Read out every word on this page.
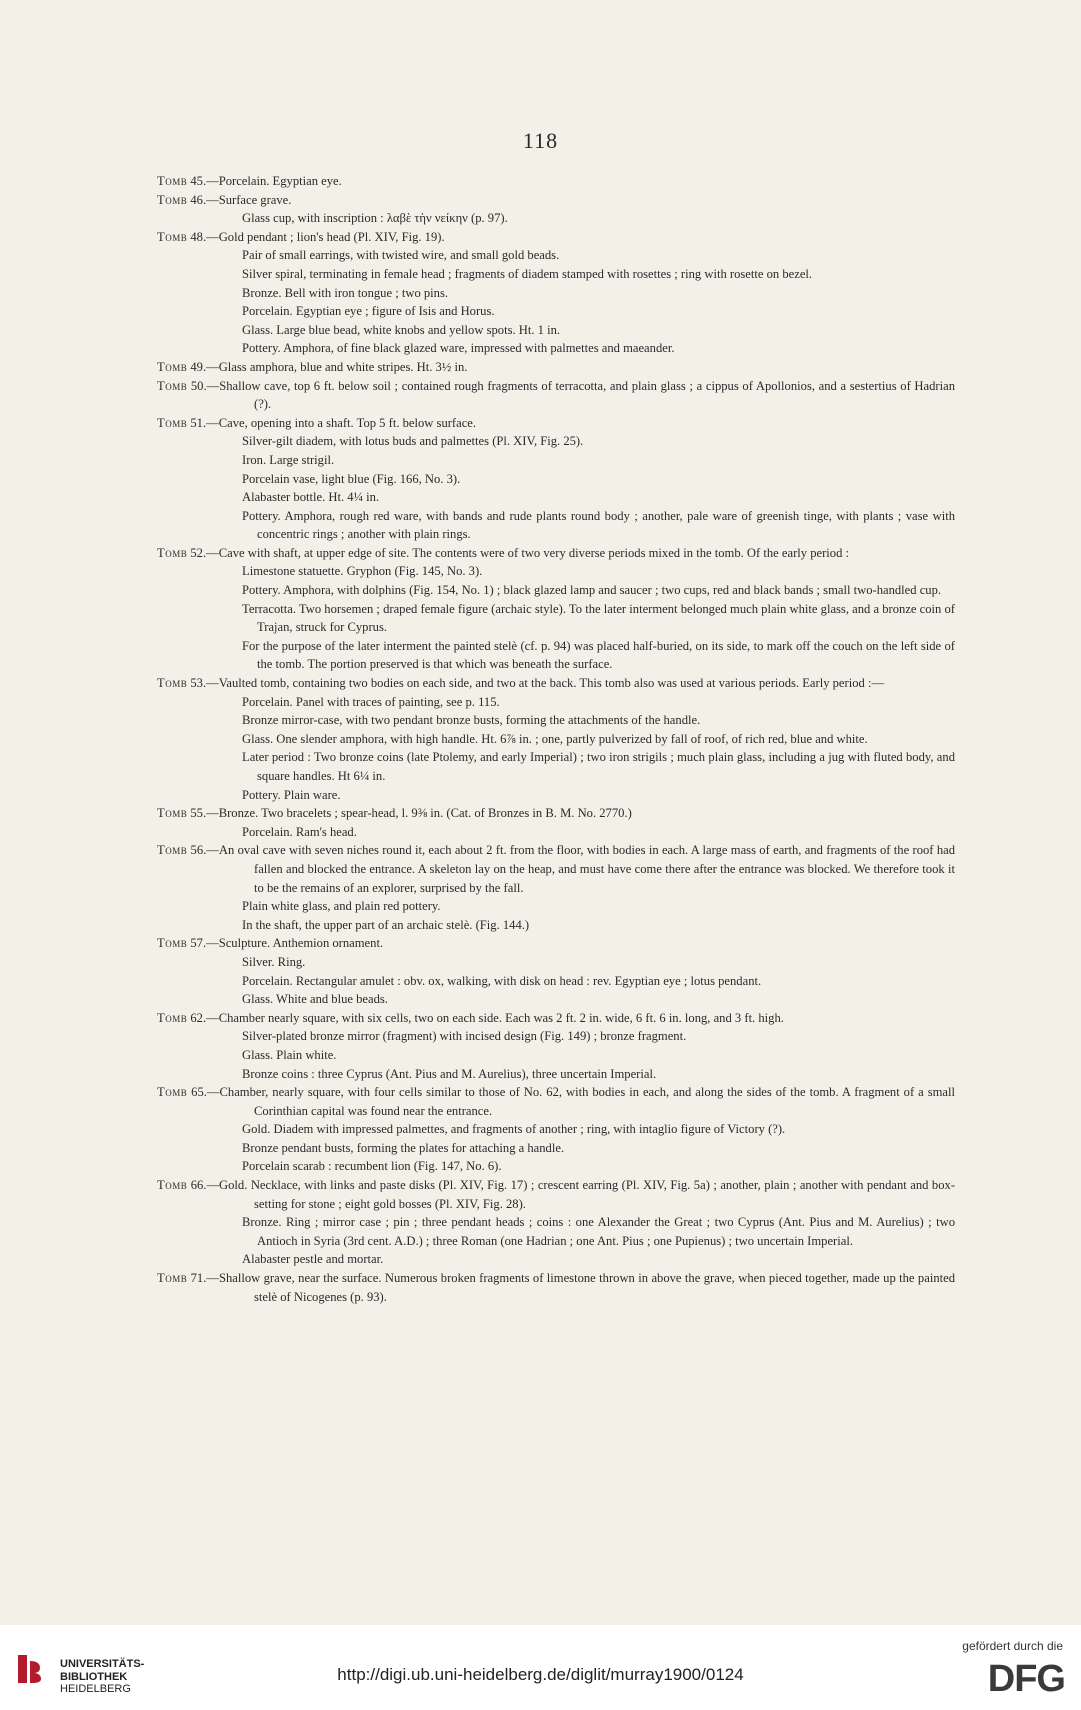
118

Tomb 45.—Porcelain. Egyptian eye.

Tomb 46.—Surface grave.

Glass cup, with inscription : λαβὲ τὴν νείκην (p. 97).

Tomb 48.—Gold pendant ; lion's head (Pl. XIV, Fig. 19).

Pair of small earrings, with twisted wire, and small gold beads.

Silver spiral, terminating in female head ; fragments of diadem stamped with rosettes ; ring with rosette on bezel.

Bronze. Bell with iron tongue ; two pins.

Porcelain. Egyptian eye ; figure of Isis and Horus.

Glass. Large blue bead, white knobs and yellow spots. Ht. 1 in.

Pottery. Amphora, of fine black glazed ware, impressed with palmettes and maeander.

Tomb 49.—Glass amphora, blue and white stripes. Ht. 3½ in.

Tomb 50.—Shallow cave, top 6 ft. below soil ; contained rough fragments of terracotta, and plain glass ; a cippus of Apollonios, and a sestertius of Hadrian (?).

Tomb 51.—Cave, opening into a shaft. Top 5 ft. below surface.

Silver-gilt diadem, with lotus buds and palmettes (Pl. XIV, Fig. 25).

Iron. Large strigil.

Porcelain vase, light blue (Fig. 166, No. 3).

Alabaster bottle. Ht. 4¼ in.

Pottery. Amphora, rough red ware, with bands and rude plants round body ; another, pale ware of greenish tinge, with plants ; vase with concentric rings ; another with plain rings.

Tomb 52.—Cave with shaft, at upper edge of site. The contents were of two very diverse periods mixed in the tomb. Of the early period :

Limestone statuette. Gryphon (Fig. 145, No. 3).

Pottery. Amphora, with dolphins (Fig. 154, No. 1) ; black glazed lamp and saucer ; two cups, red and black bands ; small two-handled cup.

Terracotta. Two horsemen ; draped female figure (archaic style). To the later interment belonged much plain white glass, and a bronze coin of Trajan, struck for Cyprus.

For the purpose of the later interment the painted stelè (cf. p. 94) was placed half-buried, on its side, to mark off the couch on the left side of the tomb. The portion preserved is that which was beneath the surface.

Tomb 53.—Vaulted tomb, containing two bodies on each side, and two at the back. This tomb also was used at various periods. Early period :—

Porcelain. Panel with traces of painting, see p. 115.

Bronze mirror-case, with two pendant bronze busts, forming the attachments of the handle.

Glass. One slender amphora, with high handle. Ht. 6⅞ in. ; one, partly pulverized by fall of roof, of rich red, blue and white.

Later period : Two bronze coins (late Ptolemy, and early Imperial) ; two iron strigils ; much plain glass, including a jug with fluted body, and square handles. Ht 6¼ in.

Pottery. Plain ware.

Tomb 55.—Bronze. Two bracelets ; spear-head, l. 9⅜ in. (Cat. of Bronzes in B. M. No. 2770.)

Porcelain. Ram's head.

Tomb 56.—An oval cave with seven niches round it, each about 2 ft. from the floor, with bodies in each. A large mass of earth, and fragments of the roof had fallen and blocked the entrance. A skeleton lay on the heap, and must have come there after the entrance was blocked. We therefore took it to be the remains of an explorer, surprised by the fall.

Plain white glass, and plain red pottery.

In the shaft, the upper part of an archaic stelè. (Fig. 144.)

Tomb 57.—Sculpture. Anthemion ornament.

Silver. Ring.

Porcelain. Rectangular amulet : obv. ox, walking, with disk on head : rev. Egyptian eye ; lotus pendant.

Glass. White and blue beads.

Tomb 62.—Chamber nearly square, with six cells, two on each side. Each was 2 ft. 2 in. wide, 6 ft. 6 in. long, and 3 ft. high.

Silver-plated bronze mirror (fragment) with incised design (Fig. 149) ; bronze fragment.

Glass. Plain white.

Bronze coins : three Cyprus (Ant. Pius and M. Aurelius), three uncertain Imperial.

Tomb 65.—Chamber, nearly square, with four cells similar to those of No. 62, with bodies in each, and along the sides of the tomb. A fragment of a small Corinthian capital was found near the entrance.

Gold. Diadem with impressed palmettes, and fragments of another ; ring, with intaglio figure of Victory (?).

Bronze pendant busts, forming the plates for attaching a handle.

Porcelain scarab : recumbent lion (Fig. 147, No. 6).

Tomb 66.—Gold. Necklace, with links and paste disks (Pl. XIV, Fig. 17) ; crescent earring (Pl. XIV, Fig. 5a) ; another, plain ; another with pendant and box-setting for stone ; eight gold bosses (Pl. XIV, Fig. 28).

Bronze. Ring ; mirror case ; pin ; three pendant heads ; coins : one Alexander the Great ; two Cyprus (Ant. Pius and M. Aurelius) ; two Antioch in Syria (3rd cent. A.D.) ; three Roman (one Hadrian ; one Ant. Pius ; one Pupienus) ; two uncertain Imperial.

Alabaster pestle and mortar.

Tomb 71.—Shallow grave, near the surface. Numerous broken fragments of limestone thrown in above the grave, when pieced together, made up the painted stelè of Nicogenes (p. 93).

UNIVERSITÄTS-
BIBLIOTHEK
HEIDELBERG
http://digi.ub.uni-heidelberg.de/diglit/murray1900/0124
gefördert durch die
DFG
